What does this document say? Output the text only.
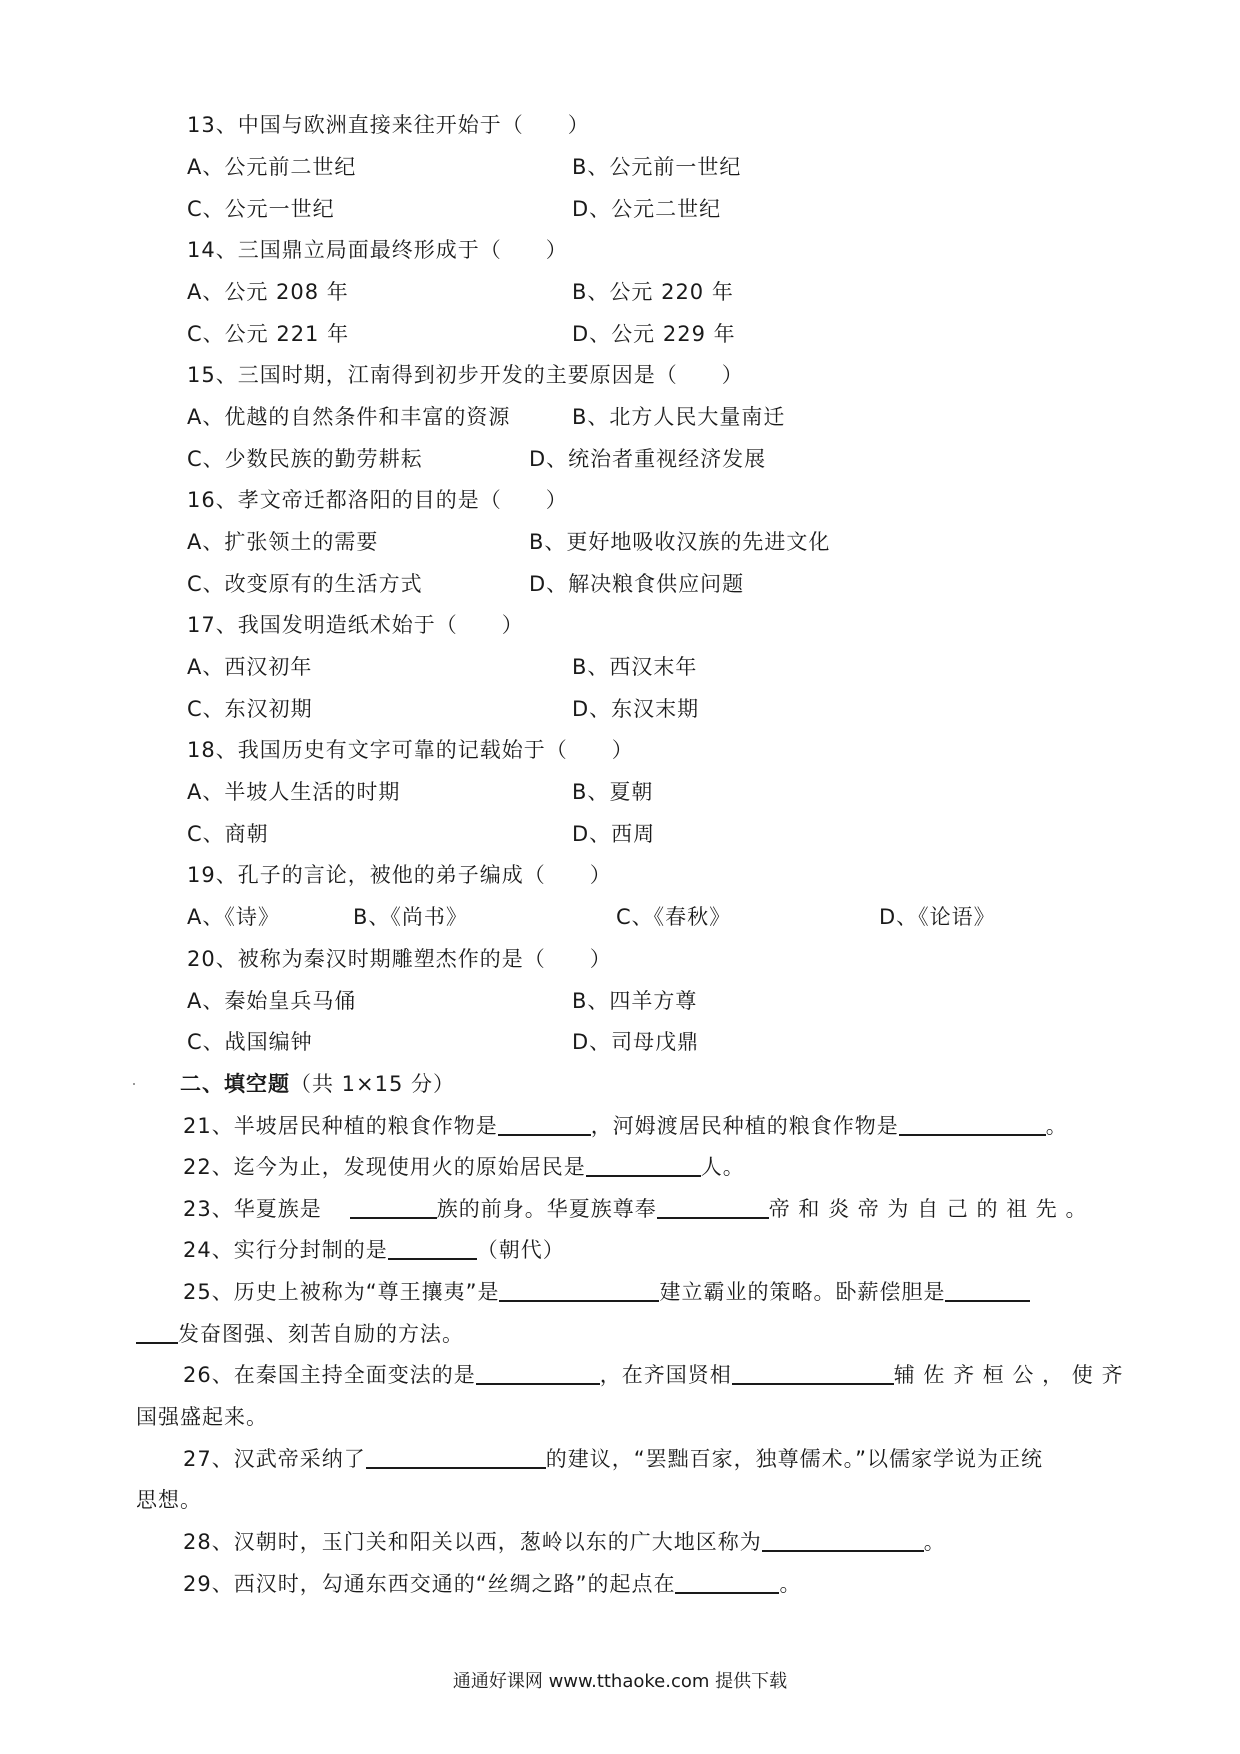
13、中国与欧洲直接来往开始于（　　）
A、公元前二世纪	B、公元前一世纪
C、公元一世纪	D、公元二世纪
14、三国鼎立局面最终形成于（　　）
A、公元 208 年	B、公元 220 年
C、公元 221 年	D、公元 229 年
15、三国时期，江南得到初步开发的主要原因是（　　）
A、优越的自然条件和丰富的资源	B、北方人民大量南迁
C、少数民族的勤劳耕耘	D、统治者重视经济发展
16、孝文帝迁都洛阳的目的是（　　）
A、扩张领土的需要	B、更好地吸收汉族的先进文化
C、改变原有的生活方式	D、解决粮食供应问题
17、我国发明造纸术始于（　　）
A、西汉初年	B、西汉末年
C、东汉初期	D、东汉末期
18、我国历史有文字可靠的记载始于（　　）
A、半坡人生活的时期	B、夏朝
C、商朝	D、西周
19、孔子的言论，被他的弟子编成（　　）
A、《诗》	B、《尚书》	C、《春秋》	D、《论语》
20、被称为秦汉时期雕塑杰作的是（　　）
A、秦始皇兵马俑	B、四羊方尊
C、战国编钟	D、司母戊鼎
二、填空题（共 1×15 分）
21、半坡居民种植的粮食作物是	，河姆渡居民种植的粮食作物是	。
22、迄今为止，发现使用火的原始居民是	人。
23、华夏族是	族的前身。华夏族尊奉	帝 和 炎 帝 为 自 己 的 祖 先 。
24、实行分封制的是	（朝代）
25、历史上被称为“尊王攘夷”是	建立霸业的策略。卧薪偿胆是
发奋图强、刻苦自励的方法。
26、在秦国主持全面变法的是	，在齐国贤相	辅 佐 齐 桓 公 ， 使 齐
国强盛起来。
27、汉武帝采纳了	的建议，“罢黜百家，独尊儒术。”以儒家学说为正统
思想。
28、汉朝时，玉门关和阳关以西，葱岭以东的广大地区称为	。
29、西汉时，勾通东西交通的“丝绸之路”的起点在	。
通通好课网 www.tthaoke.com 提供下载
